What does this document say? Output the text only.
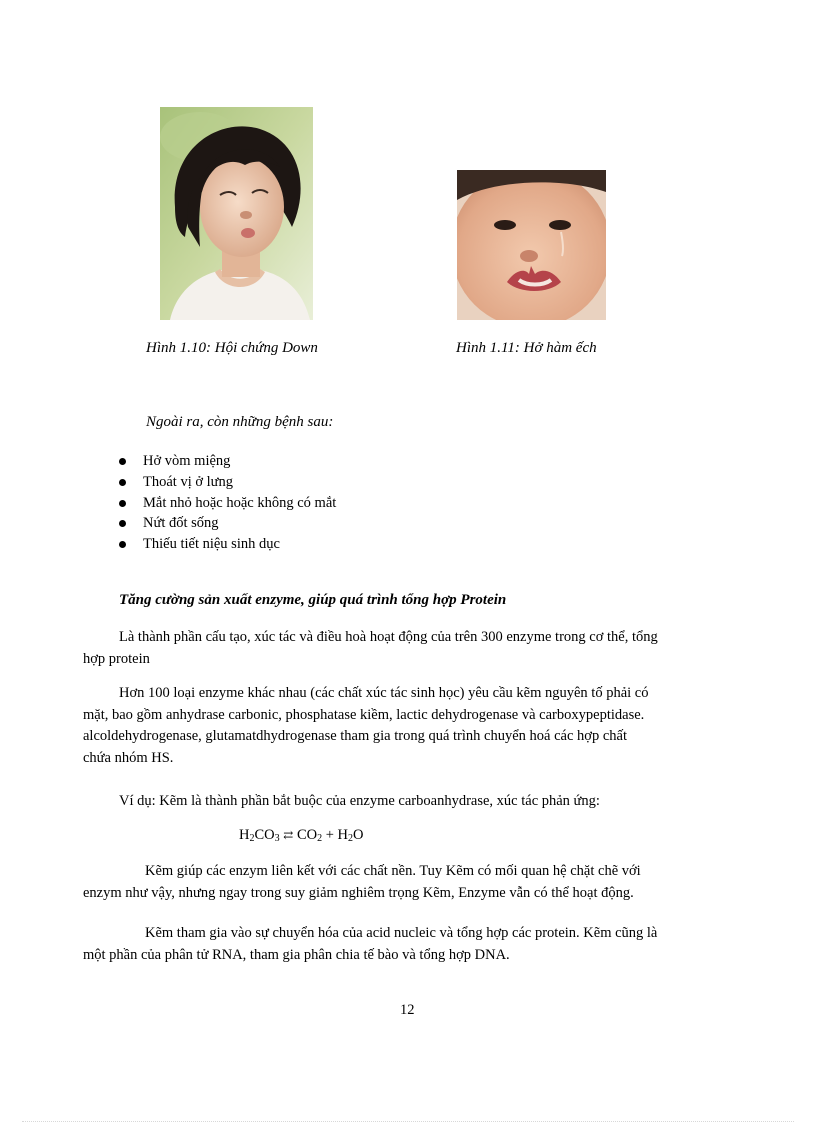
Hình 1.10: Hội chứng Down	Hình 1.11: Hở hàm ếch
Ngoài ra, còn những bệnh sau:
Hở vòm miệng
Thoát vị ở lưng
Mắt nhỏ hoặc hoặc không có mắt
Nứt đốt sống
Thiếu tiết niệu sinh dục
Tăng cường sản xuất enzyme, giúp quá trình tổng hợp Protein
Là thành phần cấu tạo, xúc tác và điều hoà hoạt động của trên 300 enzyme trong cơ thể, tổng
hợp protein
Hơn 100 loại enzyme khác nhau (các chất xúc tác sinh học) yêu cầu kẽm nguyên tố phải có
mặt, bao gồm anhydrase carbonic, phosphatase kiềm, lactic dehydrogenase và carboxypeptidase.
alcoldehydrogenase, glutamatdhydrogenase tham gia trong quá trình chuyển hoá các hợp chất
chứa nhóm HS.
Ví dụ: Kẽm là thành phần bắt buộc của enzyme carboanhydrase, xúc tác phản ứng:
$H_2CO_3$ ⇄ $CO_2 + H_2O$
Kẽm giúp các enzym liên kết với các chất nền. Tuy Kẽm có mối quan hệ chặt chẽ với
enzym như vậy, nhưng ngay trong suy giảm nghiêm trọng Kẽm, Enzyme vẫn có thể hoạt động.
Kẽm tham gia vào sự chuyển hóa của acid nucleic và tổng hợp các protein. Kẽm cũng là
một phần của phân tử RNA, tham gia phân chia tế bào và tổng hợp DNA.
12
